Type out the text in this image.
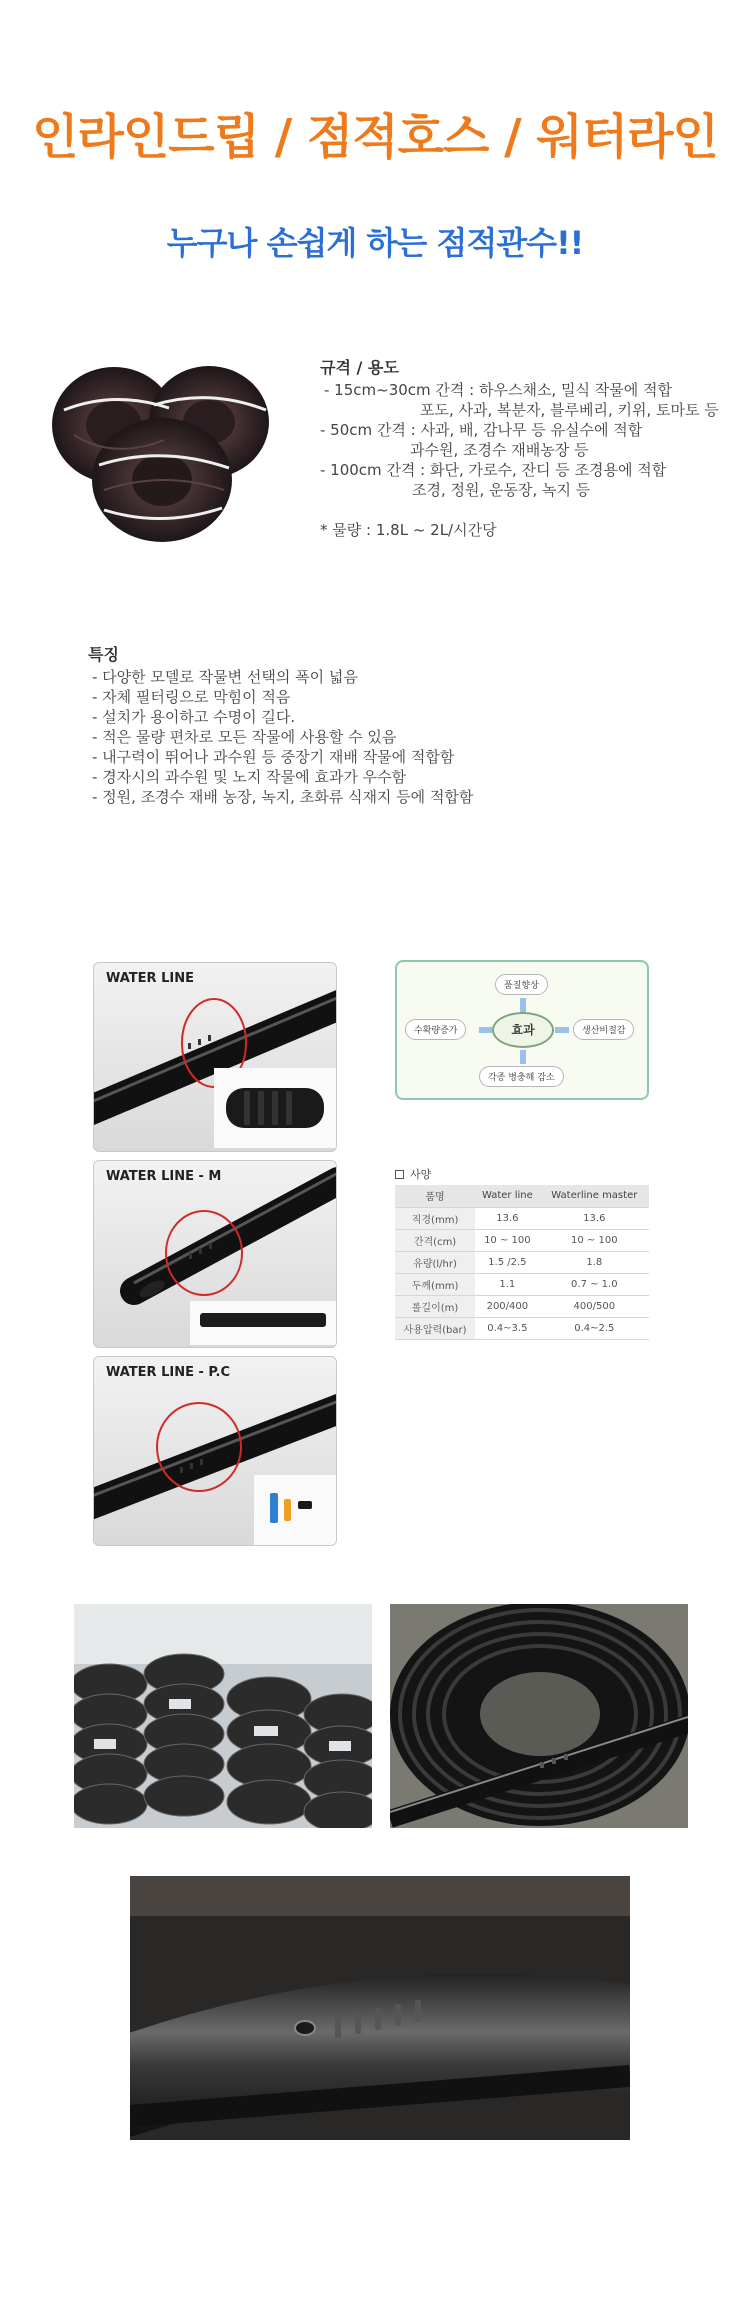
인라인드립 / 점적호스 / 워터라인
누구나 손쉽게 하는 점적관수!!
규격 / 용도
- 15cm~30cm 간격 : 하우스채소, 밀식 작물에 적합
포도, 사과, 복분자, 블루베리, 키위, 토마토 등
- 50cm 간격 : 사과, 배, 감나무 등 유실수에 적합
과수원, 조경수 재배농장 등
- 100cm 간격 : 화단, 가로수, 잔디 등 조경용에 적합
조경, 정원, 운동장, 녹지 등
* 물량 : 1.8L ~ 2L/시간당
특징
- 다양한 모델로 작물변 선택의 폭이 넓음
- 자체 필터링으로 막힘이 적음
- 설치가 용이하고 수명이 길다.
- 적은 물량 편차로 모든 작물에 사용할 수 있음
- 내구력이 뛰어나 과수원 등 중장기 재배 작물에 적합함
- 경자시의 과수원 및 노지 작물에 효과가 우수함
- 정원, 조경수 재배 농장, 녹지, 초화류 식재지 등에 적합함
WATER LINE
WATER LINE - M
WATER LINE - P.C
품질향상
수확량증가	생산비절감
각종 병충해 감소
효과
사양
품명	Water line	Waterline master
직경(mm)	13.6	13.6
간격(cm)	10 ~ 100	10 ~ 100
유량(l/hr)	1.5 /2.5	1.8
두께(mm)	1.1	0.7 ~ 1.0
롤길이(m)	200/400	400/500
사용압력(bar)	0.4~3.5	0.4~2.5
